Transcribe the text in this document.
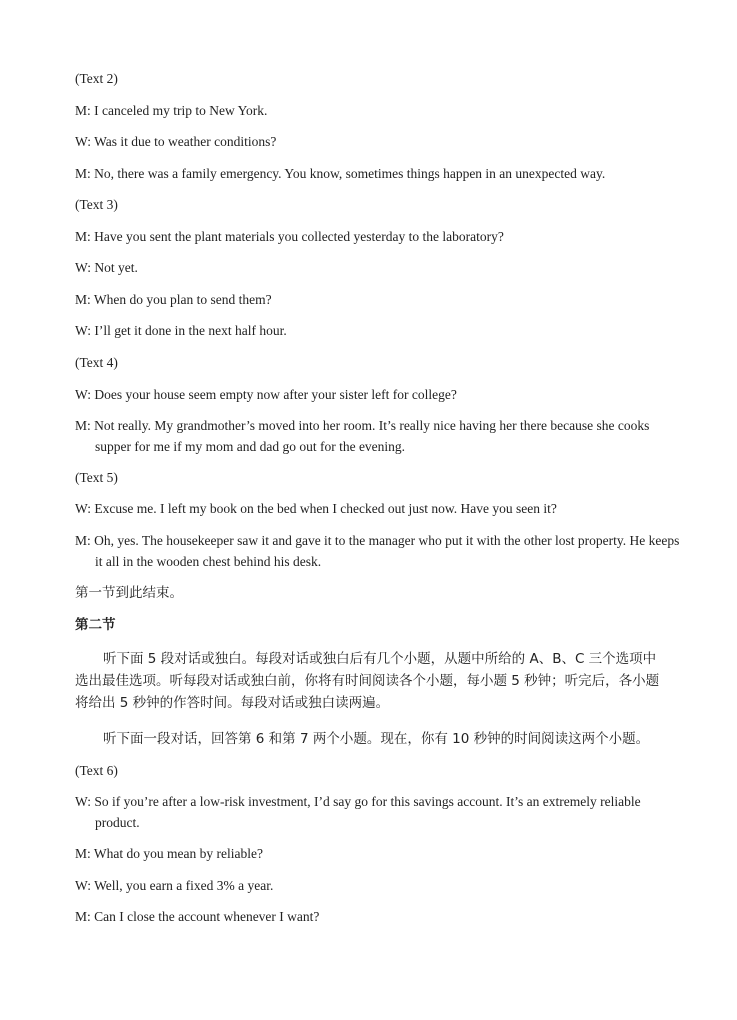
(Text 2)
M: I canceled my trip to New York.
W: Was it due to weather conditions?
M: No, there was a family emergency. You know, sometimes things happen in an unexpected way.
(Text 3)
M: Have you sent the plant materials you collected yesterday to the laboratory?
W: Not yet.
M: When do you plan to send them?
W: I’ll get it done in the next half hour.
(Text 4)
W: Does your house seem empty now after your sister left for college?
M: Not really. My grandmother’s moved into her room. It’s really nice having her there because she cooks supper for me if my mom and dad go out for the evening.
(Text 5)
W: Excuse me. I left my book on the bed when I checked out just now. Have you seen it?
M: Oh, yes. The housekeeper saw it and gave it to the manager who put it with the other lost property. He keeps it all in the wooden chest behind his desk.
第一节到此结束。
第二节
听下面 5 段对话或独白。每段对话或独白后有几个小题，从题中所给的 A、B、C 三个选项中选出最佳选项。听每段对话或独白前，你将有时间阅读各个小题，每小题 5 秒钟；听完后，各小题将给出 5 秒钟的作答时间。每段对话或独白读两遍。
听下面一段对话，回答第 6 和第 7 两个小题。现在，你有 10 秒钟的时间阅读这两个小题。
(Text 6)
W: So if you’re after a low-risk investment, I’d say go for this savings account. It’s an extremely reliable product.
M: What do you mean by reliable?
W: Well, you earn a fixed 3% a year.
M: Can I close the account whenever I want?
